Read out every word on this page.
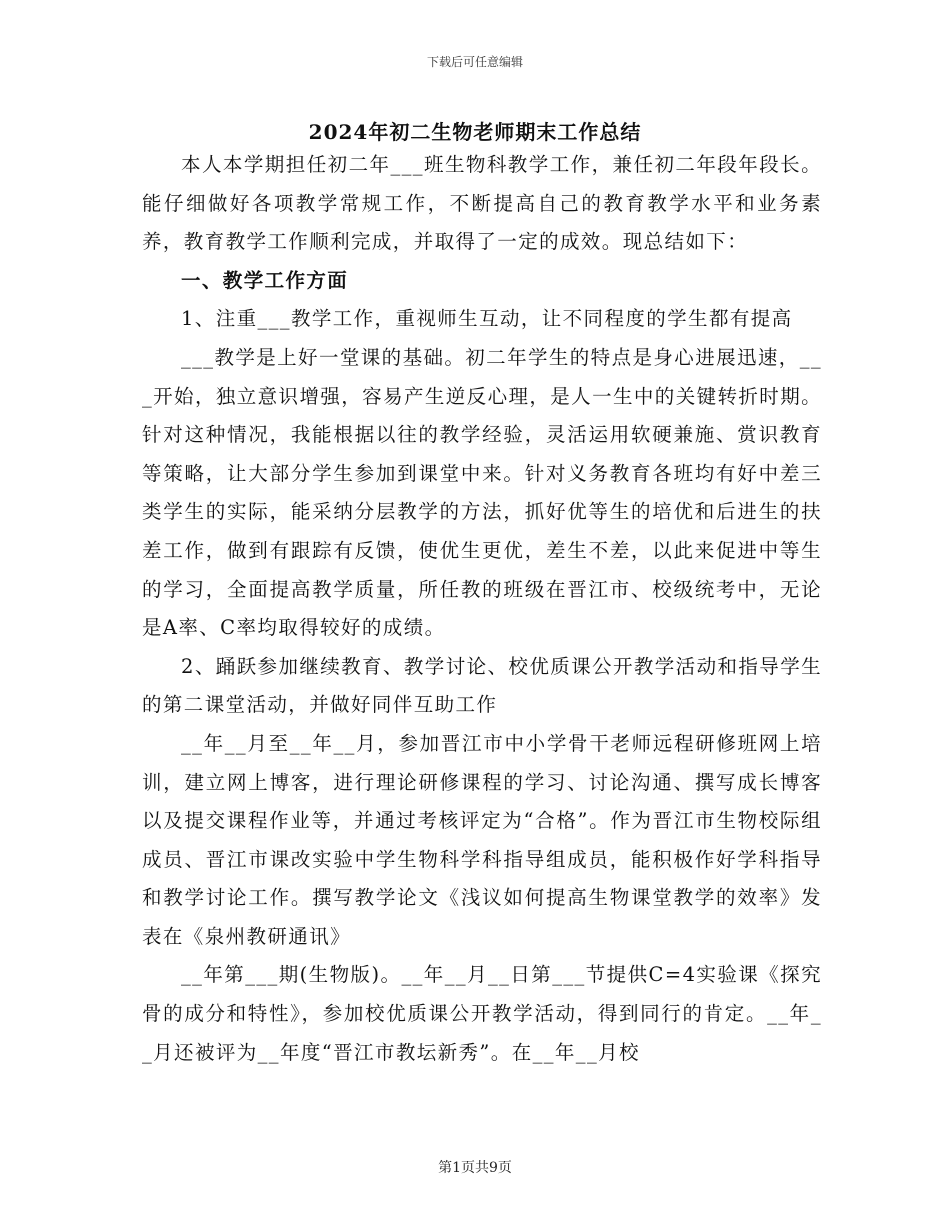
下载后可任意编辑
2024年初二生物老师期末工作总结

本人本学期担任初二年___班生物科教学工作，兼任初二年段年段长。能仔细做好各项教学常规工作，不断提高自己的教育教学水平和业务素养，教育教学工作顺利完成，并取得了一定的成效。现总结如下：

一、教学工作方面

1、注重___教学工作，重视师生互动，让不同程度的学生都有提高

___教学是上好一堂课的基础。初二年学生的特点是身心进展迅速，___开始，独立意识增强，容易产生逆反心理，是人一生中的关键转折时期。针对这种情况，我能根据以往的教学经验，灵活运用软硬兼施、赏识教育等策略，让大部分学生参加到课堂中来。针对义务教育各班均有好中差三类学生的实际，能采纳分层教学的方法，抓好优等生的培优和后进生的扶差工作，做到有跟踪有反馈，使优生更优，差生不差，以此来促进中等生的学习，全面提高教学质量，所任教的班级在晋江市、校级统考中，无论是A率、C率均取得较好的成绩。

2、踊跃参加继续教育、教学讨论、校优质课公开教学活动和指导学生的第二课堂活动，并做好同伴互助工作

__年__月至__年__月，参加晋江市中小学骨干老师远程研修班网上培训，建立网上博客，进行理论研修课程的学习、讨论沟通、撰写成长博客以及提交课程作业等，并通过考核评定为“合格”。作为晋江市生物校际组成员、晋江市课改实验中学生物科学科指导组成员，能积极作好学科指导和教学讨论工作。撰写教学论文《浅议如何提高生物课堂教学的效率》发表在《泉州教研通讯》

__年第___期(生物版)。__年__月__日第___节提供C=4实验课《探究骨的成分和特性》，参加校优质课公开教学活动，得到同行的肯定。__年__月还被评为__年度“晋江市教坛新秀”。在__年__月校

第1页共9页
